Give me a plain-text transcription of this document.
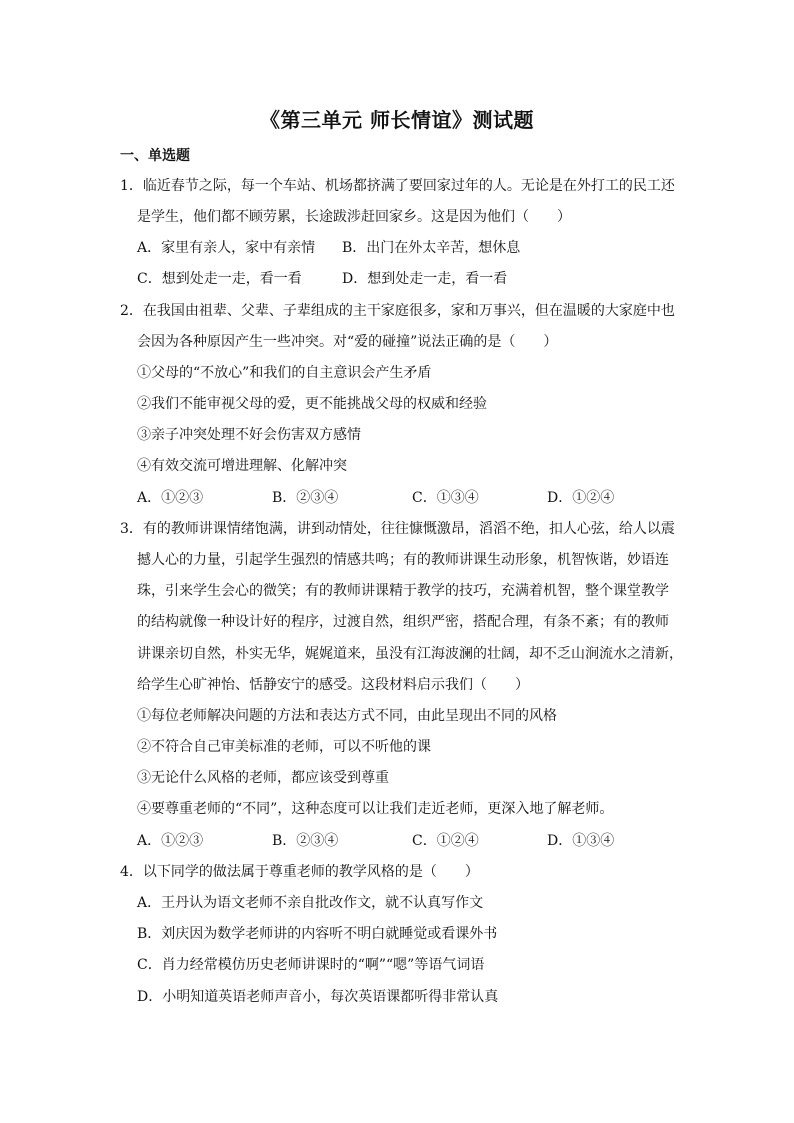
《第三单元 师长情谊》测试题
一、单选题
1．临近春节之际，每一个车站、机场都挤满了要回家过年的人。无论是在外打工的民工还
是学生，他们都不顾劳累，长途跋涉赶回家乡。这是因为他们（　　）
A．家里有亲人，家中有亲情 B．出门在外太辛苦，想休息
C．想到处走一走，看一看	D．想到处走一走，看一看
2．在我国由祖辈、父辈、子辈组成的主干家庭很多，家和万事兴，但在温暖的大家庭中也
会因为各种原因产生一些冲突。对“爱的碰撞”说法正确的是（　　）
①父母的“不放心”和我们的自主意识会产生矛盾
②我们不能审视父母的爱，更不能挑战父母的权威和经验
③亲子冲突处理不好会伤害双方感情
④有效交流可增进理解、化解冲突
A．①②③	B．②③④	C．①③④	D．①②④
3．有的教师讲课情绪饱满，讲到动情处，往往慷慨激昂，滔滔不绝，扣人心弦，给人以震
撼人心的力量，引起学生强烈的情感共鸣；有的教师讲课生动形象，机智恢谐，妙语连
珠，引来学生会心的微笑；有的教师讲课精于教学的技巧，充满着机智，整个课堂教学
的结构就像一种设计好的程序，过渡自然，组织严密，搭配合理，有条不紊；有的教师
讲课亲切自然，朴实无华，娓娓道来，虽没有江海波澜的壮阔，却不乏山涧流水之清新，
给学生心旷神怡、恬静安宁的感受。这段材料启示我们（　　）
①每位老师解决问题的方法和表达方式不同，由此呈现出不同的风格
②不符合自己审美标准的老师，可以不听他的课
③无论什么风格的老师，都应该受到尊重
④要尊重老师的“不同”，这种态度可以让我们走近老师，更深入地了解老师。
A．①②③	B．②③④	C．①②④	D．①③④
4．以下同学的做法属于尊重老师的教学风格的是（　　）
A．王丹认为语文老师不亲自批改作文，就不认真写作文
B．刘庆因为数学老师讲的内容听不明白就睡觉或看课外书
C．肖力经常模仿历史老师讲课时的“啊”“嗯”等语气词语
D．小明知道英语老师声音小，每次英语课都听得非常认真
